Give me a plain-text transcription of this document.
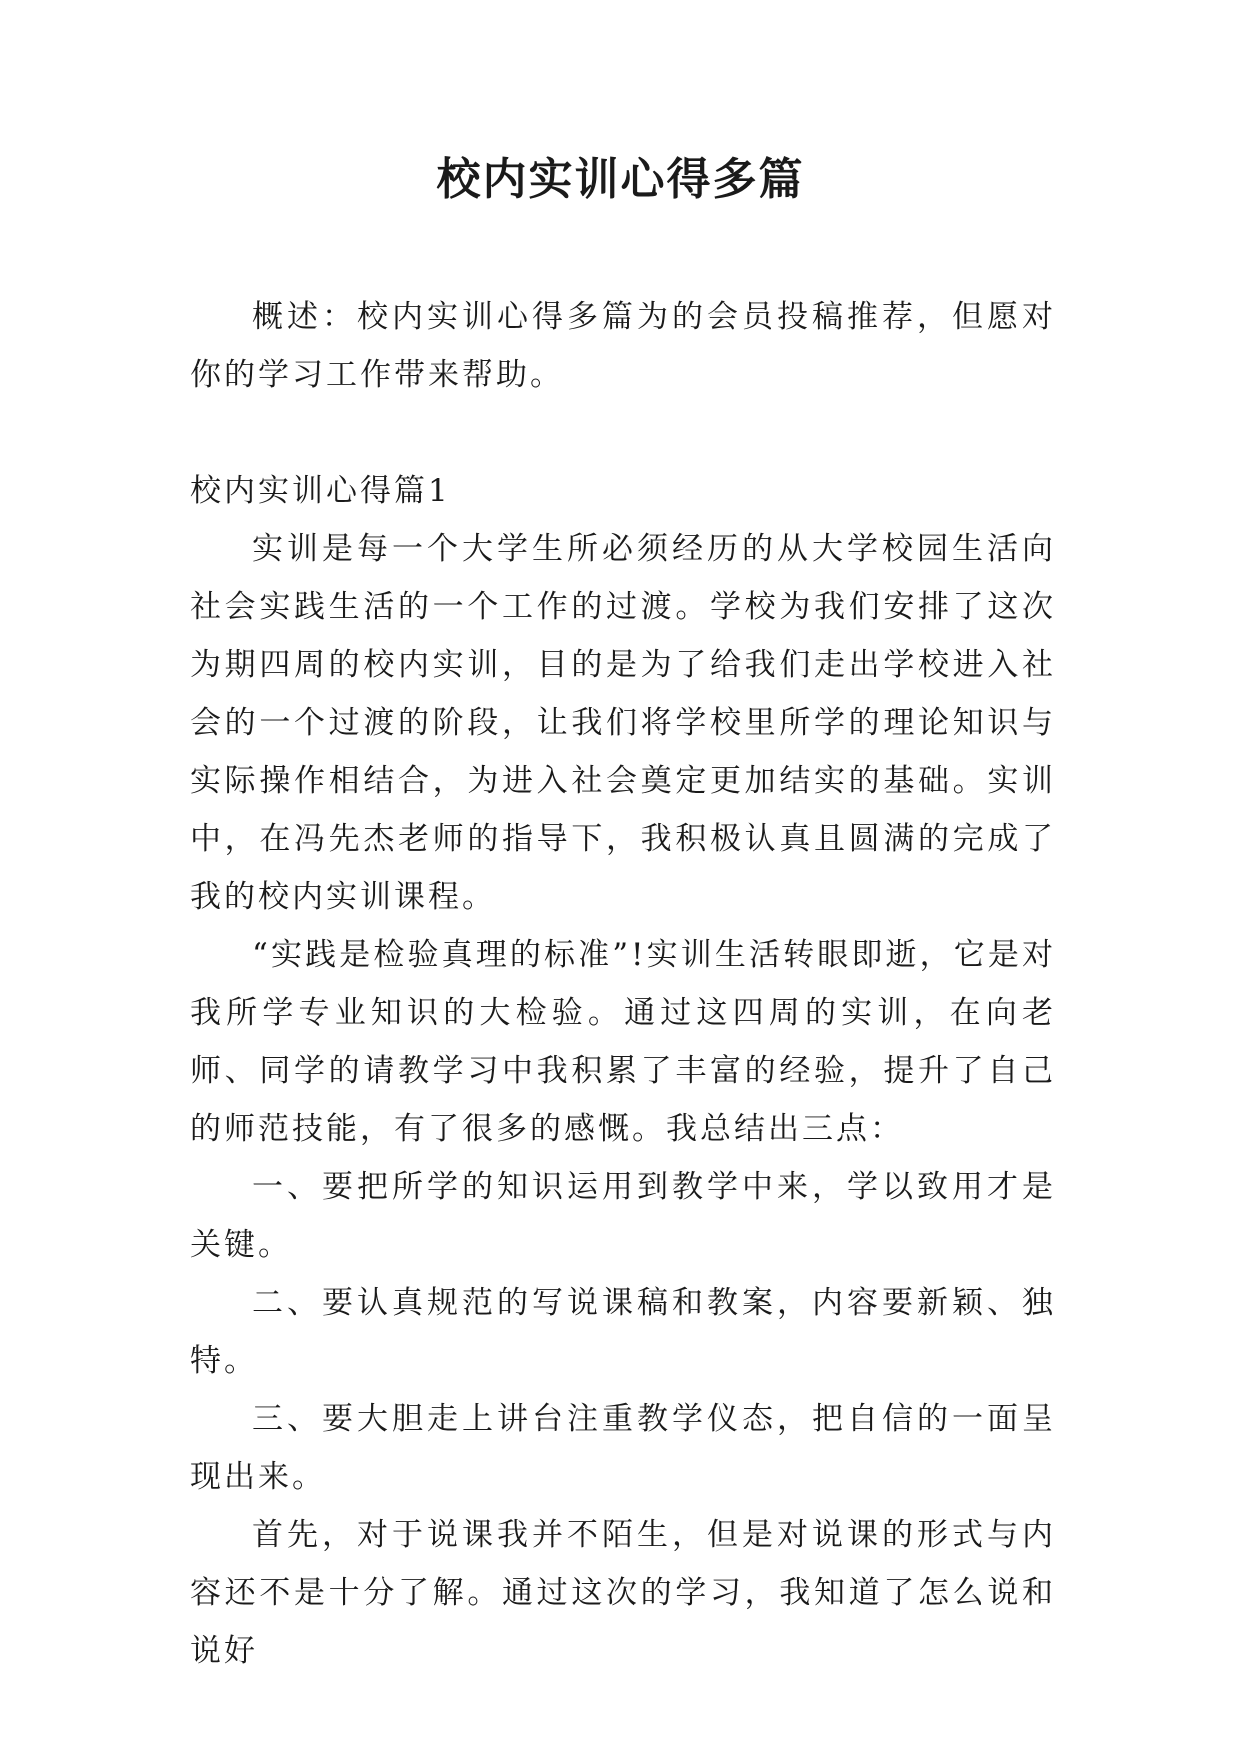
校内实训心得多篇

概述：校内实训心得多篇为的会员投稿推荐，但愿对你的学习工作带来帮助。

校内实训心得篇1

实训是每一个大学生所必须经历的从大学校园生活向社会实践生活的一个工作的过渡。学校为我们安排了这次为期四周的校内实训，目的是为了给我们走出学校进入社会的一个过渡的阶段，让我们将学校里所学的理论知识与实际操作相结合，为进入社会奠定更加结实的基础。实训中，在冯先杰老师的指导下，我积极认真且圆满的完成了我的校内实训课程。

“实践是检验真理的标准”!实训生活转眼即逝，它是对我所学专业知识的大检验。通过这四周的实训，在向老师、同学的请教学习中我积累了丰富的经验，提升了自己的师范技能，有了很多的感慨。我总结出三点：

一、要把所学的知识运用到教学中来，学以致用才是关键。

二、要认真规范的写说课稿和教案，内容要新颖、独特。

三、要大胆走上讲台注重教学仪态，把自信的一面呈现出来。

首先，对于说课我并不陌生，但是对说课的形式与内容还不是十分了解。通过这次的学习，我知道了怎么说和说好
